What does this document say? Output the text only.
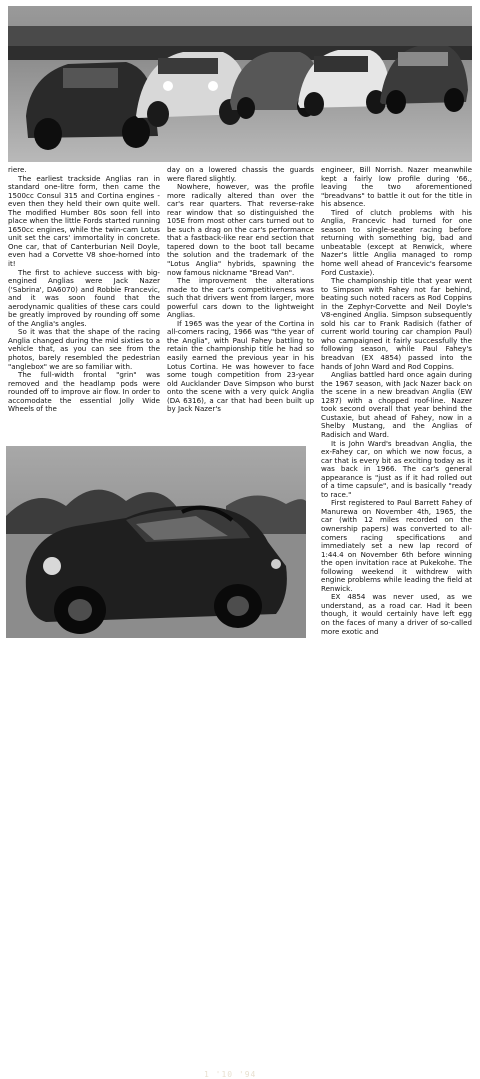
riere.

The earliest trackside Anglias ran in standard one-litre form, then came the 1500cc Consul 315 and Cortina engines - even then they held their own quite well. The modified Humber 80s soon fell into place when the little Fords started running 1650cc engines, while the twin-cam Lotus unit set the cars' immortality in concrete. One car, that of Canterburian Neil Doyle, even had a Corvette V8 shoe-horned into it!

The first to achieve success with big-engined Anglias were Jack Nazer ('Sabrina', DA6070) and Robbie Francevic, and it was soon found that the aerodynamic qualities of these cars could be greatly improved by rounding off some of the Anglia's angles.

So it was that the shape of the racing Anglia changed during the mid sixties to a vehicle that, as you can see from the photos, barely resembled the pedestrian "anglebox" we are so familiar with.

The full-width frontal "grin" was removed and the headlamp pods were rounded off to improve air flow. In order to accomodate the essential Jolly Wide Wheels of the

day on a lowered chassis the guards were flared slightly.

Nowhere, however, was the profile more radically altered than over the car's rear quarters. That reverse-rake rear window that so distinguished the 105E from most other cars turned out to be such a drag on the car's performance that a fastback-like rear end section that tapered down to the boot tall became the solution and the trademark of the "Lotus Anglia" hybrids, spawning the now famous nickname "Bread Van".

The improvement the alterations made to the car's competitiveness was such that drivers went from larger, more powerful cars down to the lightweight Anglias.

If 1965 was the year of the Cortina in all-comers racing, 1966 was "the year of the Anglia", with Paul Fahey battling to retain the championship title he had so easily earned the previous year in his Lotus Cortina. He was however to face some tough competition from 23-year old Aucklander Dave Simpson who burst onto the scene with a very quick Anglia (DA 6316), a car that had been built up by Jack Nazer's

engineer, Bill Norrish. Nazer meanwhile kept a fairly low profile during '66., leaving the two aforementioned "breadvans" to battle it out for the title in his absence.

Tired of clutch problems with his Anglia, Francevic had turned for one season to single-seater racing before returning with something big, bad and unbeatable (except at Renwick, where Nazer's little Anglia managed to romp home well ahead of Francevic's fearsome Ford Custaxie).

The championship title that year went to Simpson with Fahey not far behind, beating such noted racers as Rod Coppins in the Zephyr-Corvette and Neil Doyle's V8-engined Anglia. Simpson subsequently sold his car to Frank Radisich (father of current world touring car champion Paul) who campaigned it fairly successfully the following season, while Paul Fahey's breadvan (EX 4854) passed into the hands of John Ward and Rod Coppins.

Anglias battled hard once again during the 1967 season, with Jack Nazer back on the scene in a new breadvan Anglia (EW 1287) with a chopped roof-line. Nazer took second overall that year behind the Custaxie, but ahead of Fahey, now in a Shelby Mustang, and the Anglias of Radisich and Ward.

It is John Ward's breadvan Anglia, the ex-Fahey car, on which we now focus, a car that is every bit as exciting today as it was back in 1966. The car's general appearance is "just as if it had rolled out of a time capsule", and is basically "ready to race."

First registered to Paul Barrett Fahey of Manurewa on November 4th, 1965, the car (with 12 miles recorded on the ownership papers) was converted to all-comers racing specifications and immediately set a new lap record of 1:44.4 on November 6th before winning the open invitation race at Pukekohe. The following weekend it withdrew with engine problems while leading the field at Renwick.

EX 4854 was never used, as we understand, as a road car. Had it been though, it would certainly have left egg on the faces of many a driver of so-called more exotic and

1 '10 '94
